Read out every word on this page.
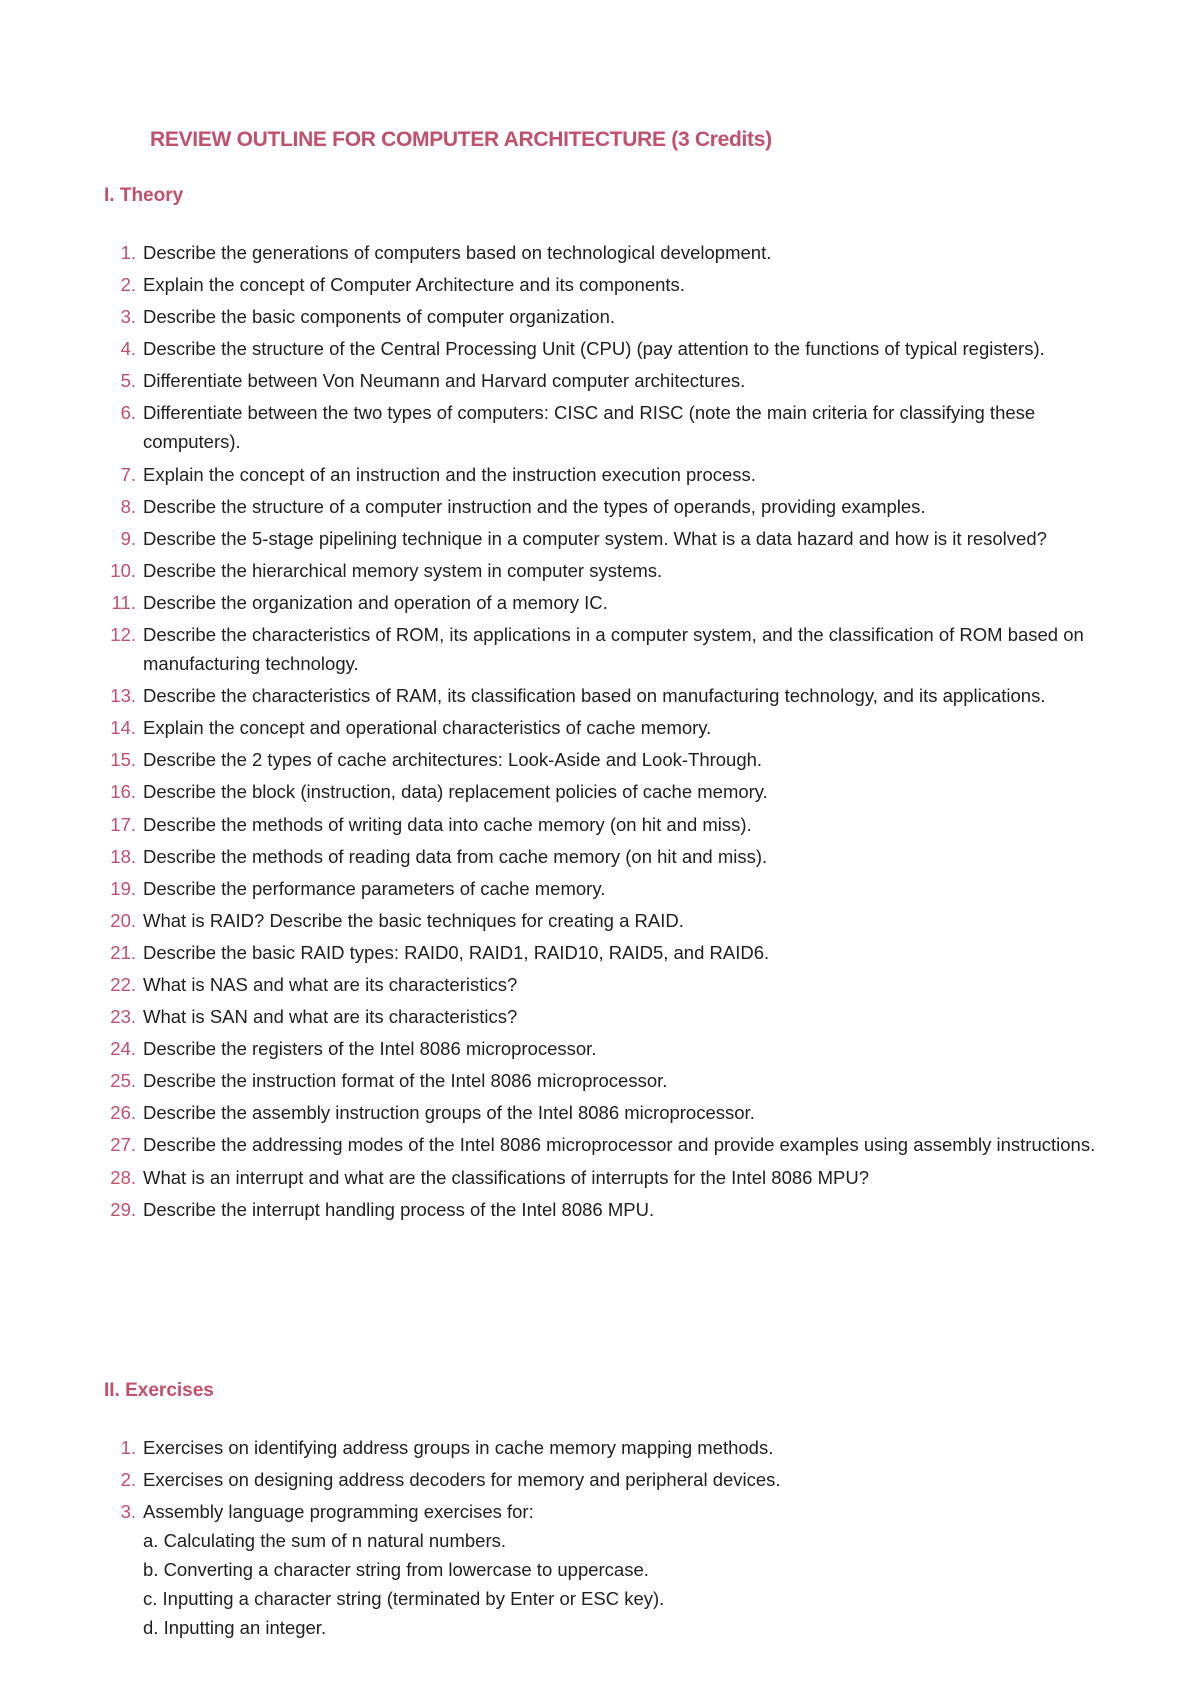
REVIEW OUTLINE FOR COMPUTER ARCHITECTURE (3 Credits)
I. Theory
1. Describe the generations of computers based on technological development.
2. Explain the concept of Computer Architecture and its components.
3. Describe the basic components of computer organization.
4. Describe the structure of the Central Processing Unit (CPU) (pay attention to the functions of typical registers).
5. Differentiate between Von Neumann and Harvard computer architectures.
6. Differentiate between the two types of computers: CISC and RISC (note the main criteria for classifying these computers).
7. Explain the concept of an instruction and the instruction execution process.
8. Describe the structure of a computer instruction and the types of operands, providing examples.
9. Describe the 5-stage pipelining technique in a computer system. What is a data hazard and how is it resolved?
10. Describe the hierarchical memory system in computer systems.
11. Describe the organization and operation of a memory IC.
12. Describe the characteristics of ROM, its applications in a computer system, and the classification of ROM based on manufacturing technology.
13. Describe the characteristics of RAM, its classification based on manufacturing technology, and its applications.
14. Explain the concept and operational characteristics of cache memory.
15. Describe the 2 types of cache architectures: Look-Aside and Look-Through.
16. Describe the block (instruction, data) replacement policies of cache memory.
17. Describe the methods of writing data into cache memory (on hit and miss).
18. Describe the methods of reading data from cache memory (on hit and miss).
19. Describe the performance parameters of cache memory.
20. What is RAID? Describe the basic techniques for creating a RAID.
21. Describe the basic RAID types: RAID0, RAID1, RAID10, RAID5, and RAID6.
22. What is NAS and what are its characteristics?
23. What is SAN and what are its characteristics?
24. Describe the registers of the Intel 8086 microprocessor.
25. Describe the instruction format of the Intel 8086 microprocessor.
26. Describe the assembly instruction groups of the Intel 8086 microprocessor.
27. Describe the addressing modes of the Intel 8086 microprocessor and provide examples using assembly instructions.
28. What is an interrupt and what are the classifications of interrupts for the Intel 8086 MPU?
29. Describe the interrupt handling process of the Intel 8086 MPU.
II. Exercises
1. Exercises on identifying address groups in cache memory mapping methods.
2. Exercises on designing address decoders for memory and peripheral devices.
3. Assembly language programming exercises for:
a. Calculating the sum of n natural numbers.
b. Converting a character string from lowercase to uppercase.
c. Inputting a character string (terminated by Enter or ESC key).
d. Inputting an integer.
